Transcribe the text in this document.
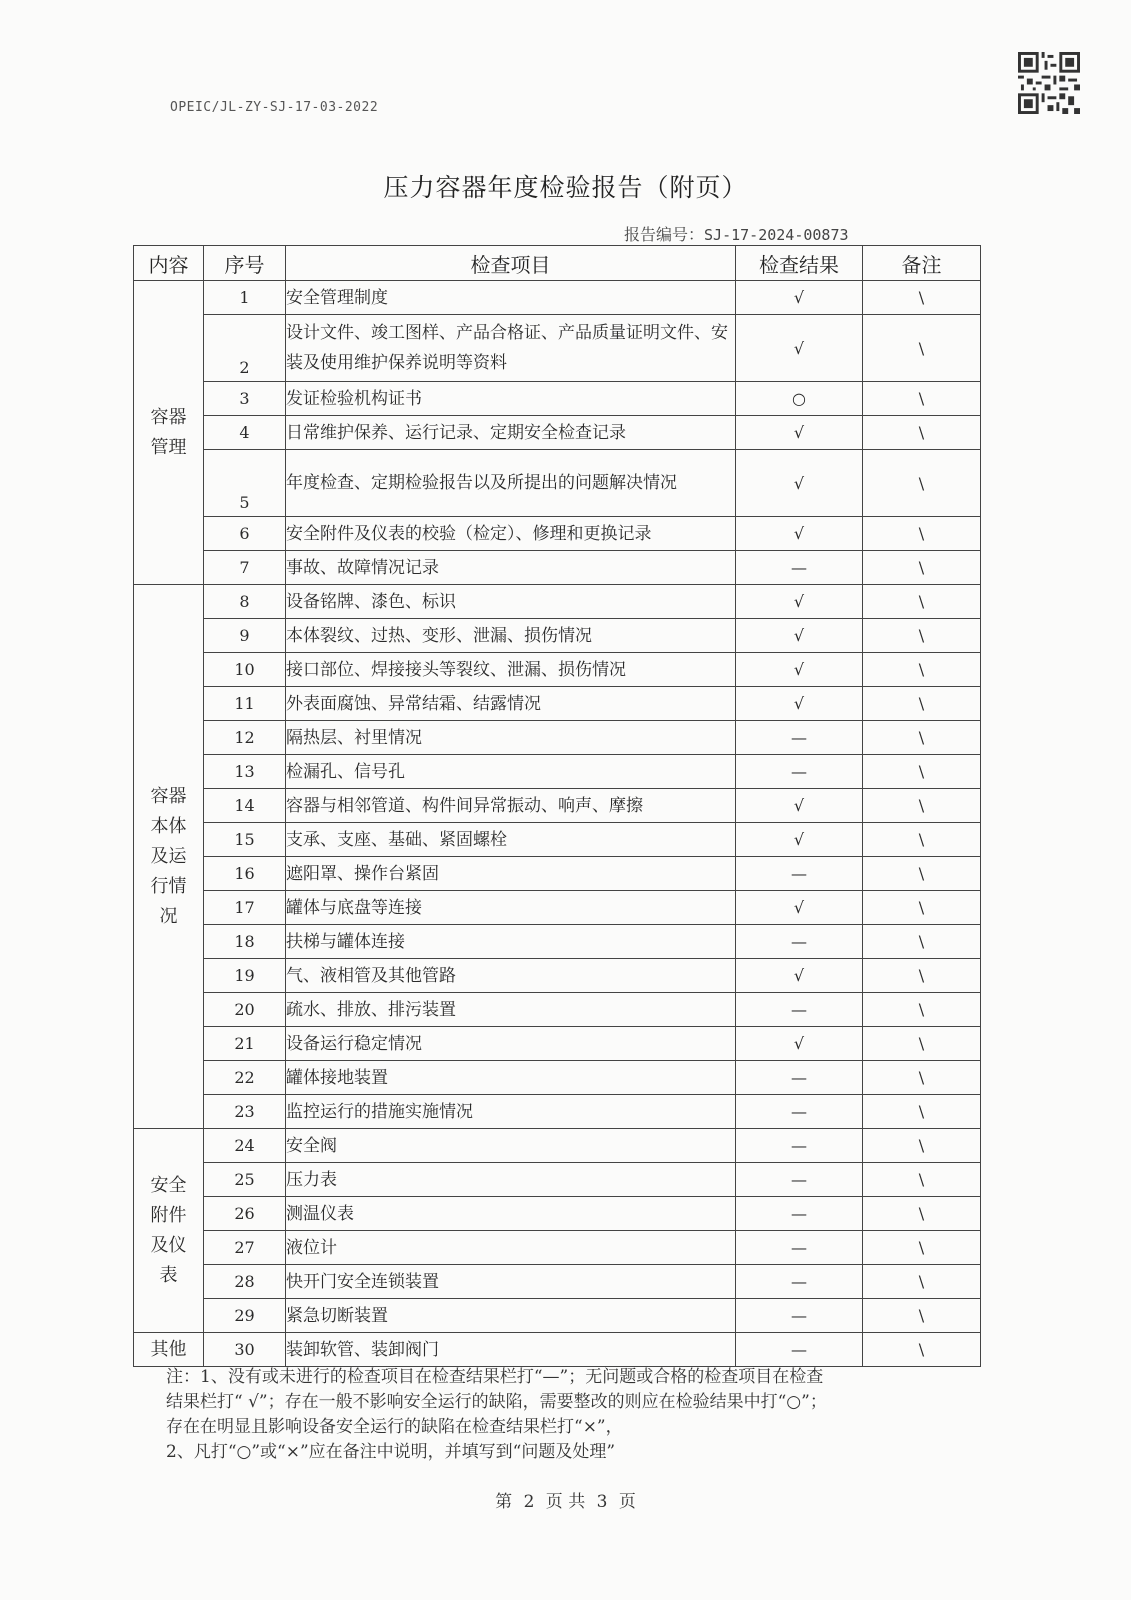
OPEIC/JL-ZY-SJ-17-03-2022
压力容器年度检验报告（附页）
报告编号：SJ-17-2024-00873
内容	序号	检查项目	检查结果	备注
容器管理	1	安全管理制度	√	\
	2	设计文件、竣工图样、产品合格证、产品质量证明文件、安装及使用维护保养说明等资料	√	\
	3	发证检验机构证书	○	\
	4	日常维护保养、运行记录、定期安全检查记录	√	\
	5	年度检查、定期检验报告以及所提出的问题解决情况	√	\
	6	安全附件及仪表的校验（检定）、修理和更换记录	√	\
	7	事故、故障情况记录	—	\
容器本体及运行情况	8	设备铭牌、漆色、标识	√	\
	9	本体裂纹、过热、变形、泄漏、损伤情况	√	\
	10	接口部位、焊接接头等裂纹、泄漏、损伤情况	√	\
	11	外表面腐蚀、异常结霜、结露情况	√	\
	12	隔热层、衬里情况	—	\
	13	检漏孔、信号孔	—	\
	14	容器与相邻管道、构件间异常振动、响声、摩擦	√	\
	15	支承、支座、基础、紧固螺栓	√	\
	16	遮阳罩、操作台紧固	—	\
	17	罐体与底盘等连接	√	\
	18	扶梯与罐体连接	—	\
	19	气、液相管及其他管路	√	\
	20	疏水、排放、排污装置	—	\
	21	设备运行稳定情况	√	\
	22	罐体接地装置	—	\
	23	监控运行的措施实施情况	—	\
安全附件及仪表	24	安全阀	—	\
	25	压力表	—	\
	26	测温仪表	—	\
	27	液位计	—	\
	28	快开门安全连锁装置	—	\
	29	紧急切断装置	—	\
其他	30	装卸软管、装卸阀门	—	\

注：1、没有或未进行的检查项目在检查结果栏打“—”；无问题或合格的检查项目在检查

结果栏打“ √”；存在一般不影响安全运行的缺陷，需要整改的则应在检验结果中打“○”；

存在在明显且影响设备安全运行的缺陷在检查结果栏打“×”，

2、凡打“○”或“×”应在备注中说明，并填写到“问题及处理”

第 2 页 共 3 页
